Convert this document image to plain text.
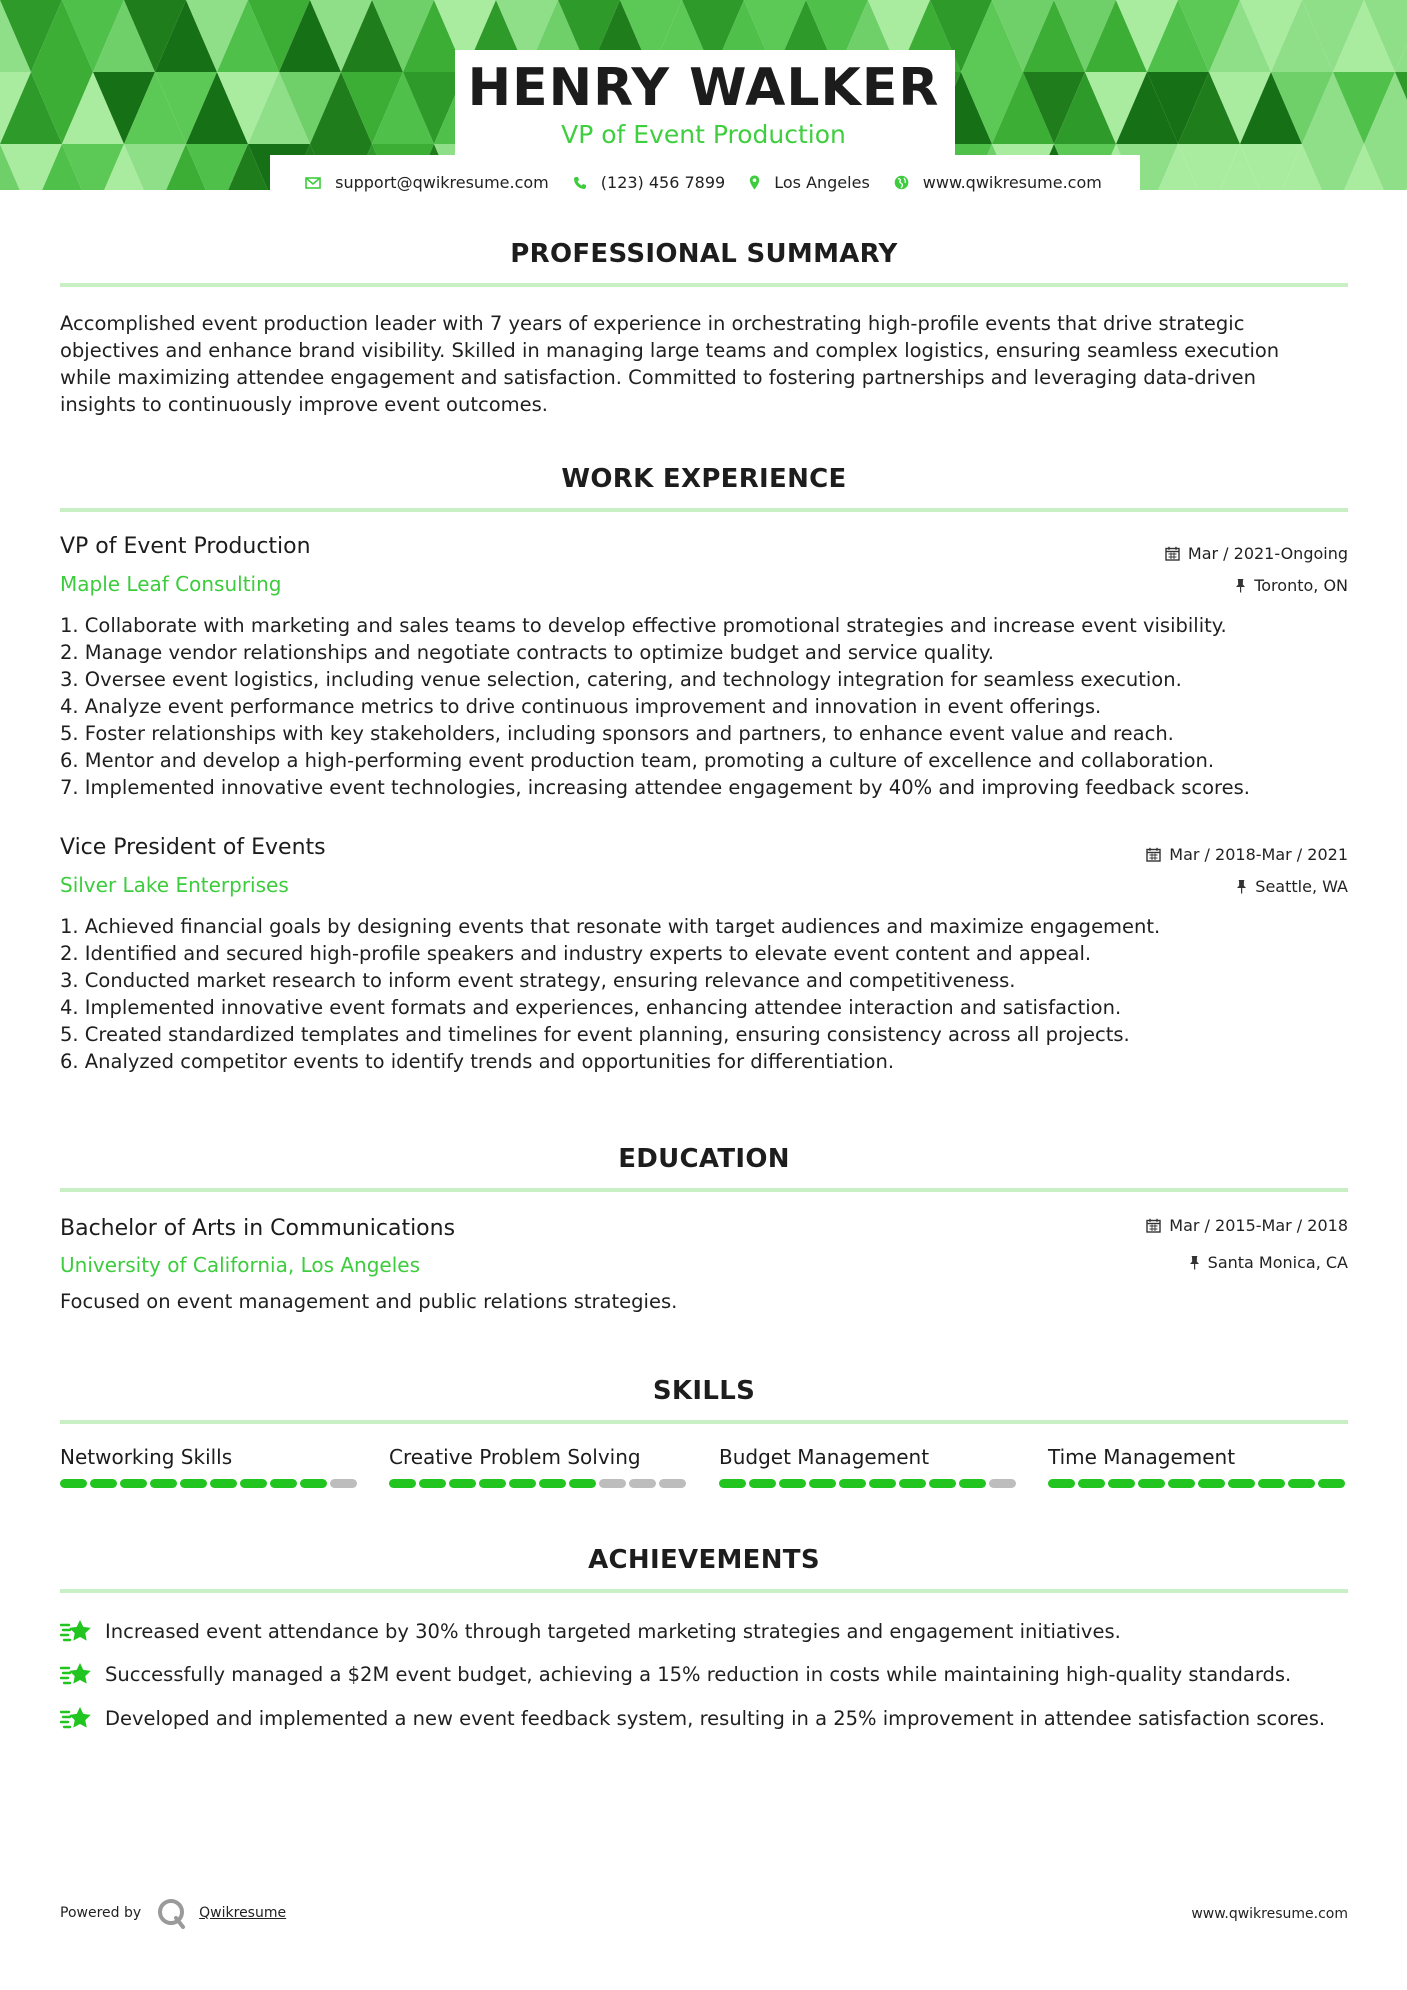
HENRY WALKER
VP of Event Production
support@qwikresume.com	(123) 456 7899	Los Angeles	www.qwikresume.com
PROFESSIONAL SUMMARY
Accomplished event production leader with 7 years of experience in orchestrating high-profile events that drive strategic
objectives and enhance brand visibility. Skilled in managing large teams and complex logistics, ensuring seamless execution
while maximizing attendee engagement and satisfaction. Committed to fostering partnerships and leveraging data-driven
insights to continuously improve event outcomes.
WORK EXPERIENCE
VP of Event Production	Mar / 2021-Ongoing
Maple Leaf Consulting	Toronto, ON
1. Collaborate with marketing and sales teams to develop effective promotional strategies and increase event visibility.
2. Manage vendor relationships and negotiate contracts to optimize budget and service quality.
3. Oversee event logistics, including venue selection, catering, and technology integration for seamless execution.
4. Analyze event performance metrics to drive continuous improvement and innovation in event offerings.
5. Foster relationships with key stakeholders, including sponsors and partners, to enhance event value and reach.
6. Mentor and develop a high-performing event production team, promoting a culture of excellence and collaboration.
7. Implemented innovative event technologies, increasing attendee engagement by 40% and improving feedback scores.
Vice President of Events	Mar / 2018-Mar / 2021
Silver Lake Enterprises	Seattle, WA
1. Achieved financial goals by designing events that resonate with target audiences and maximize engagement.
2. Identified and secured high-profile speakers and industry experts to elevate event content and appeal.
3. Conducted market research to inform event strategy, ensuring relevance and competitiveness.
4. Implemented innovative event formats and experiences, enhancing attendee interaction and satisfaction.
5. Created standardized templates and timelines for event planning, ensuring consistency across all projects.
6. Analyzed competitor events to identify trends and opportunities for differentiation.
EDUCATION
Bachelor of Arts in Communications	Mar / 2015-Mar / 2018
University of California, Los Angeles	Santa Monica, CA
Focused on event management and public relations strategies.
SKILLS
Networking Skills	Creative Problem Solving	Budget Management	Time Management
ACHIEVEMENTS
Increased event attendance by 30% through targeted marketing strategies and engagement initiatives.
Successfully managed a $2M event budget, achieving a 15% reduction in costs while maintaining high-quality standards.
Developed and implemented a new event feedback system, resulting in a 25% improvement in attendee satisfaction scores.
Powered by	Qwikresume	www.qwikresume.com
